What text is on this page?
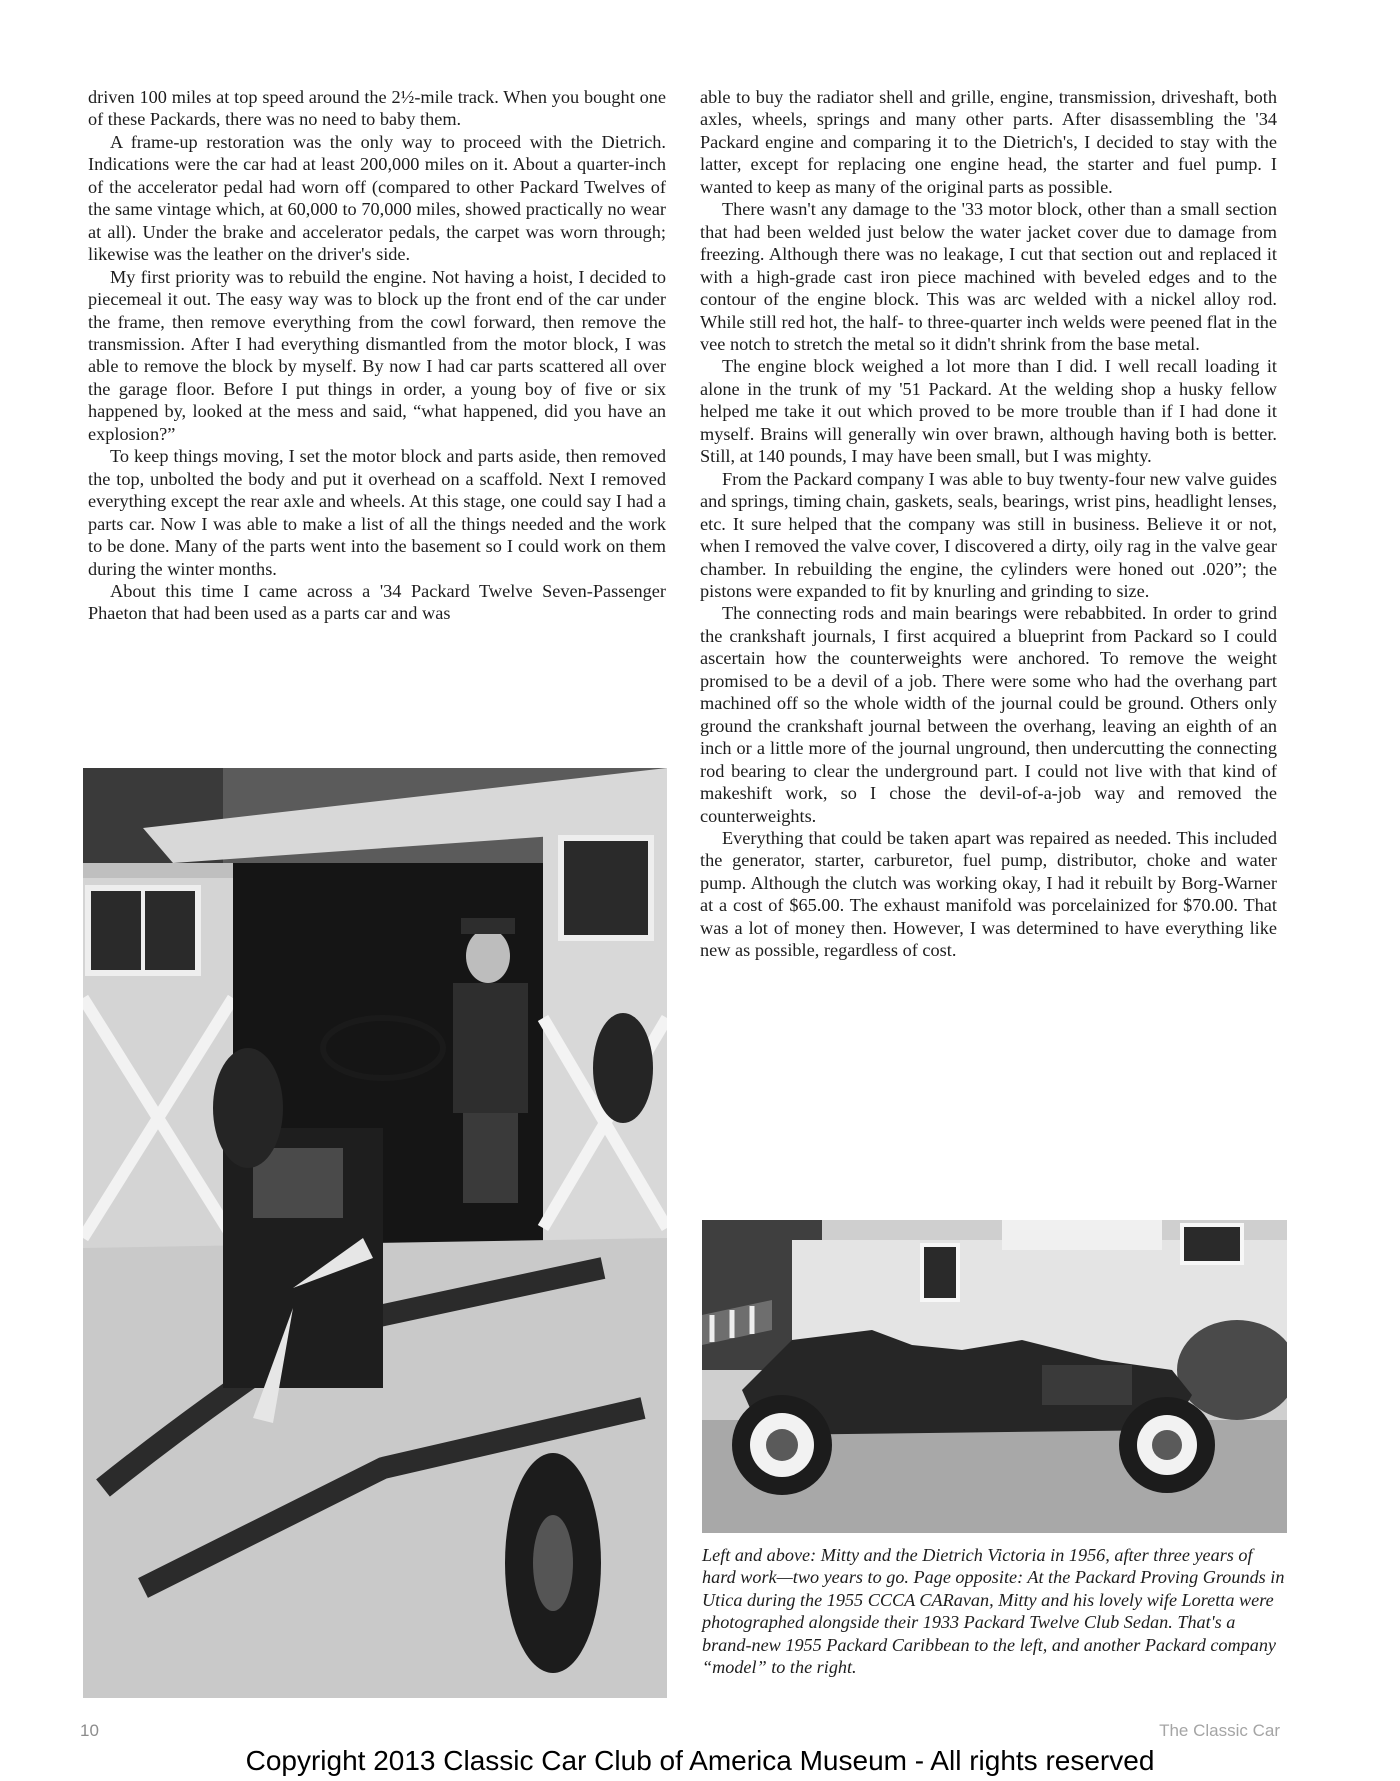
driven 100 miles at top speed around the 2½-mile track. When you bought one of these Packards, there was no need to baby them.

A frame-up restoration was the only way to proceed with the Dietrich. Indications were the car had at least 200,000 miles on it. About a quarter-inch of the accelerator pedal had worn off (compared to other Packard Twelves of the same vintage which, at 60,000 to 70,000 miles, showed practically no wear at all). Under the brake and accelerator pedals, the carpet was worn through; likewise was the leather on the driver's side.

My first priority was to rebuild the engine. Not having a hoist, I decided to piecemeal it out. The easy way was to block up the front end of the car under the frame, then remove everything from the cowl forward, then remove the transmission. After I had everything dismantled from the motor block, I was able to remove the block by myself. By now I had car parts scattered all over the garage floor. Before I put things in order, a young boy of five or six happened by, looked at the mess and said, “what happened, did you have an explosion?”

To keep things moving, I set the motor block and parts aside, then removed the top, unbolted the body and put it overhead on a scaffold. Next I removed everything except the rear axle and wheels. At this stage, one could say I had a parts car. Now I was able to make a list of all the things needed and the work to be done. Many of the parts went into the basement so I could work on them during the winter months.

About this time I came across a '34 Packard Twelve Seven-Passenger Phaeton that had been used as a parts car and was

able to buy the radiator shell and grille, engine, transmission, driveshaft, both axles, wheels, springs and many other parts. After disassembling the '34 Packard engine and comparing it to the Dietrich's, I decided to stay with the latter, except for replacing one engine head, the starter and fuel pump. I wanted to keep as many of the original parts as possible.

There wasn't any damage to the '33 motor block, other than a small section that had been welded just below the water jacket cover due to damage from freezing. Although there was no leakage, I cut that section out and replaced it with a high-grade cast iron piece machined with beveled edges and to the contour of the engine block. This was arc welded with a nickel alloy rod. While still red hot, the half- to three-quarter inch welds were peened flat in the vee notch to stretch the metal so it didn't shrink from the base metal.

The engine block weighed a lot more than I did. I well recall loading it alone in the trunk of my '51 Packard. At the welding shop a husky fellow helped me take it out which proved to be more trouble than if I had done it myself. Brains will generally win over brawn, although having both is better. Still, at 140 pounds, I may have been small, but I was mighty.

From the Packard company I was able to buy twenty-four new valve guides and springs, timing chain, gaskets, seals, bearings, wrist pins, headlight lenses, etc. It sure helped that the company was still in business. Believe it or not, when I removed the valve cover, I discovered a dirty, oily rag in the valve gear chamber. In rebuilding the engine, the cylinders were honed out .020”; the pistons were expanded to fit by knurling and grinding to size.

The connecting rods and main bearings were rebabbited. In order to grind the crankshaft journals, I first acquired a blueprint from Packard so I could ascertain how the counterweights were anchored. To remove the weight promised to be a devil of a job. There were some who had the overhang part machined off so the whole width of the journal could be ground. Others only ground the crankshaft journal between the overhang, leaving an eighth of an inch or a little more of the journal unground, then undercutting the connecting rod bearing to clear the underground part. I could not live with that kind of makeshift work, so I chose the devil-of-a-job way and removed the counterweights.

Everything that could be taken apart was repaired as needed. This included the generator, starter, carburetor, fuel pump, distributor, choke and water pump. Although the clutch was working okay, I had it rebuilt by Borg-Warner at a cost of $65.00. The exhaust manifold was porcelainized for $70.00. That was a lot of money then. However, I was determined to have everything like new as possible, regardless of cost.

Left and above: Mitty and the Dietrich Victoria in 1956, after three years of hard work—two years to go. Page opposite: At the Packard Proving Grounds in Utica during the 1955 CCCA CARavan, Mitty and his lovely wife Loretta were photographed alongside their 1933 Packard Twelve Club Sedan. That's a brand-new 1955 Packard Caribbean to the left, and another Packard company “model” to the right.

10	The Classic Car
Copyright 2013 Classic Car Club of America Museum - All rights reserved
